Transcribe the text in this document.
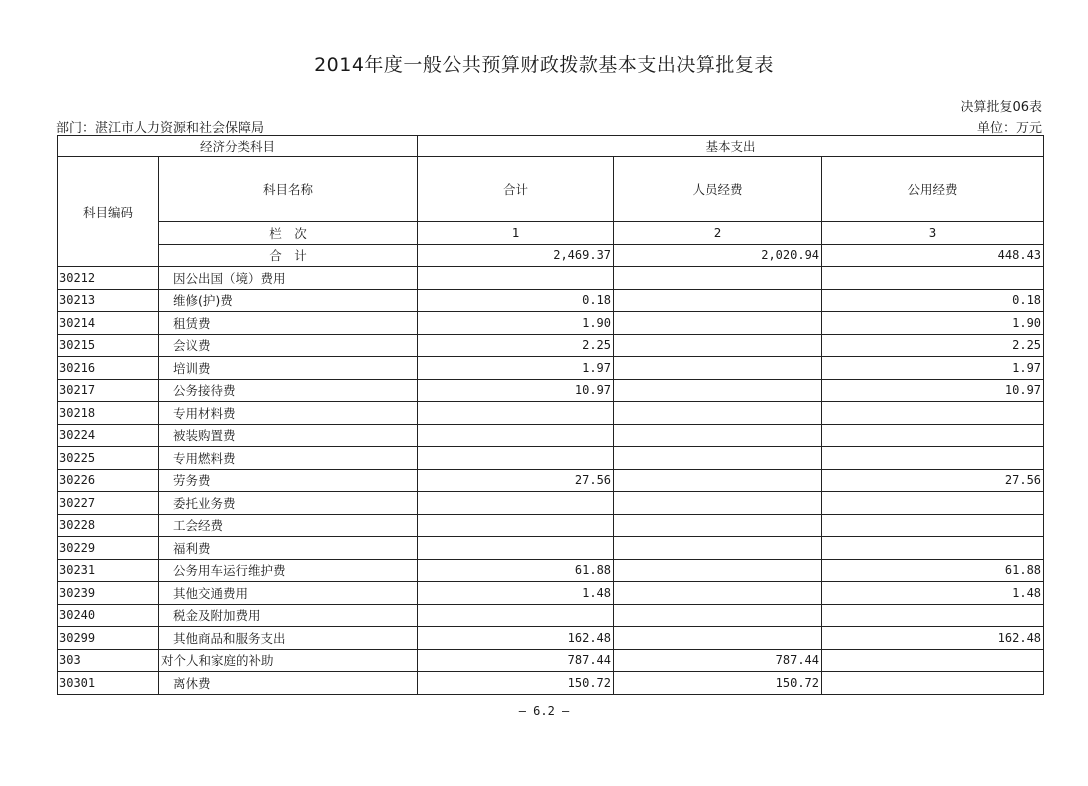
2014年度一般公共预算财政拨款基本支出决算批复表
决算批复06表
单位：万元
部门：湛江市人力资源和社会保障局
经济分类科目		基本支出		
科目编码	科目名称	合计	人员经费	公用经费
	栏　次	1	2	3
	合　计	2,469.37	2,020.94	448.43
30212	因公出国（境）费用			
30213	维修(护)费	0.18		0.18
30214	租赁费	1.90		1.90
30215	会议费	2.25		2.25
30216	培训费	1.97		1.97
30217	公务接待费	10.97		10.97
30218	专用材料费			
30224	被装购置费			
30225	专用燃料费			
30226	劳务费	27.56		27.56
30227	委托业务费			
30228	工会经费			
30229	福利费			
30231	公务用车运行维护费	61.88		61.88
30239	其他交通费用	1.48		1.48
30240	税金及附加费用			
30299	其他商品和服务支出	162.48		162.48
303	对个人和家庭的补助	787.44	787.44	
30301	离休费	150.72	150.72	
— 6.2 —
